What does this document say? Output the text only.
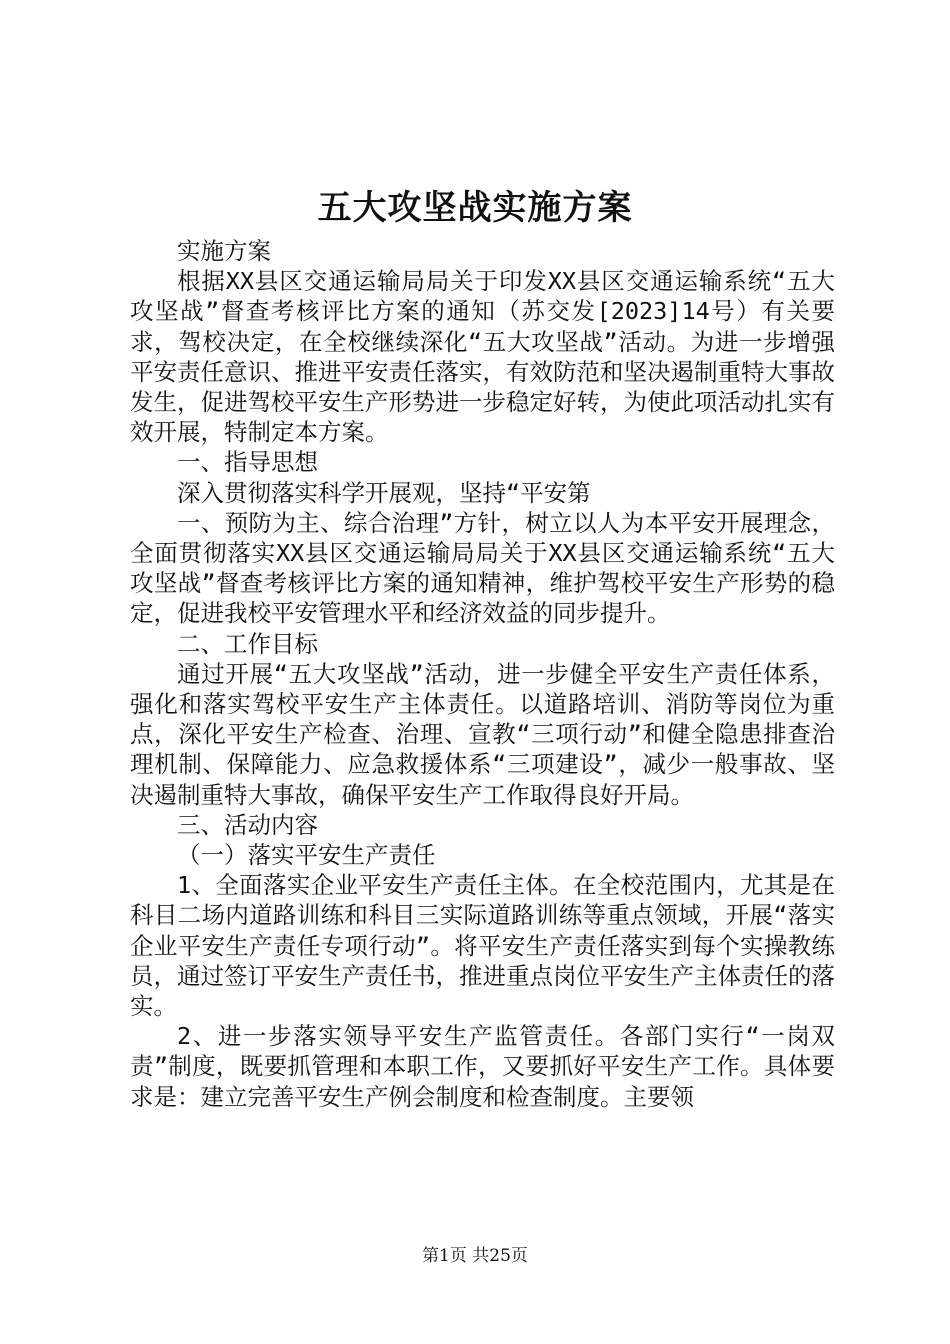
五大攻坚战实施方案

实施方案

根据XX县区交通运输局局关于印发XX县区交通运输系统“五大攻坚战”督查考核评比方案的通知（苏交发[2023]14号）有关要求，驾校决定，在全校继续深化“五大攻坚战”活动。为进一步增强平安责任意识、推进平安责任落实，有效防范和坚决遏制重特大事故发生，促进驾校平安生产形势进一步稳定好转，为使此项活动扎实有效开展，特制定本方案。

一、指导思想

深入贯彻落实科学开展观，坚持“平安第

一、预防为主、综合治理”方针，树立以人为本平安开展理念，全面贯彻落实XX县区交通运输局局关于XX县区交通运输系统“五大攻坚战”督查考核评比方案的通知精神，维护驾校平安生产形势的稳定，促进我校平安管理水平和经济效益的同步提升。

二、工作目标

通过开展“五大攻坚战”活动，进一步健全平安生产责任体系，强化和落实驾校平安生产主体责任。以道路培训、消防等岗位为重点，深化平安生产检查、治理、宣教“三项行动”和健全隐患排查治理机制、保障能力、应急救援体系“三项建设”，减少一般事故、坚决遏制重特大事故，确保平安生产工作取得良好开局。

三、活动内容

（一）落实平安生产责任

1、全面落实企业平安生产责任主体。在全校范围内，尤其是在科目二场内道路训练和科目三实际道路训练等重点领域，开展“落实企业平安生产责任专项行动”。将平安生产责任落实到每个实操教练员，通过签订平安生产责任书，推进重点岗位平安生产主体责任的落实。

2、进一步落实领导平安生产监管责任。各部门实行“一岗双责”制度，既要抓管理和本职工作，又要抓好平安生产工作。具体要求是：建立完善平安生产例会制度和检查制度。主要领

第1页 共25页
